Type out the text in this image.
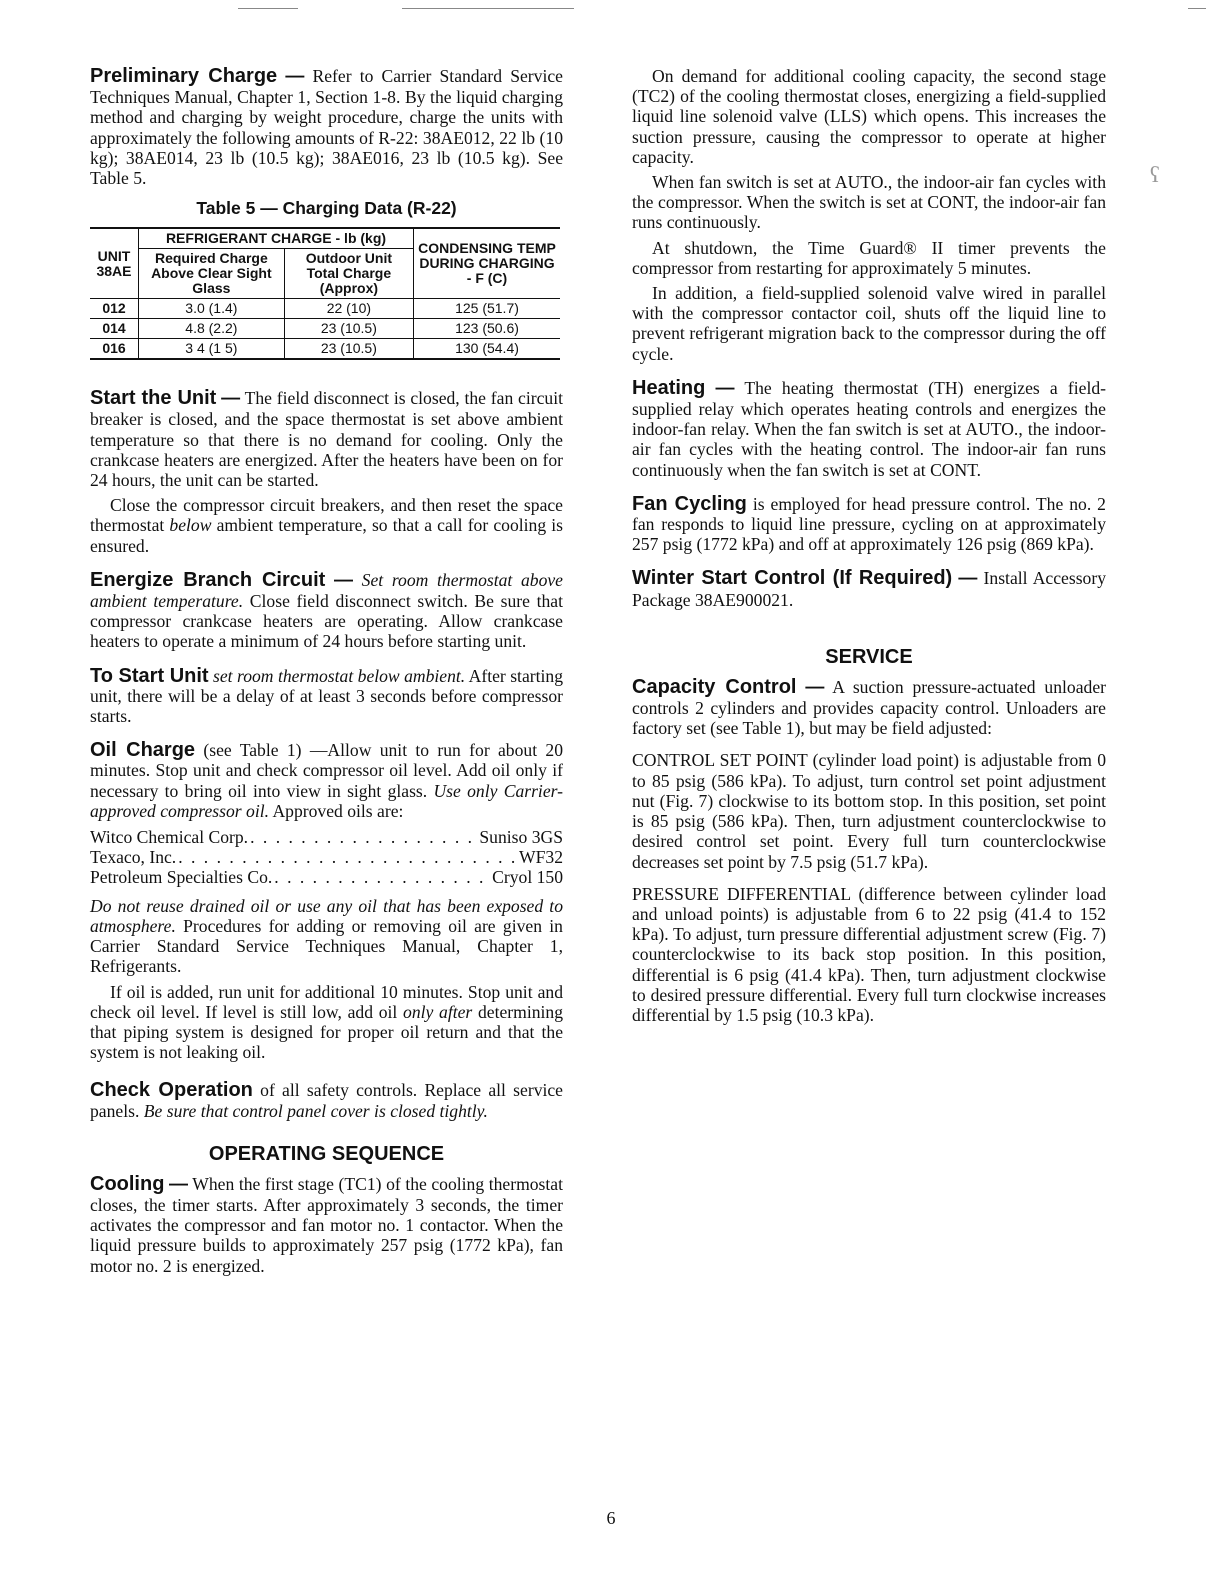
ʕ

Preliminary Charge — Refer to Carrier Standard Service Techniques Manual, Chapter 1, Section 1-8. By the liquid charging method and charging by weight procedure, charge the units with approximately the following amounts of R-22: 38AE012, 22 lb (10 kg); 38AE014, 23 lb (10.5 kg); 38AE016, 23 lb (10.5 kg). See Table 5.

Table 5 — Charging Data (R-22)
UNIT 38AE	REFRIGERANT CHARGE - lb (kg)		CONDENSING TEMP DURING CHARGING - F (C)
	Required Charge Above Clear Sight Glass	Outdoor Unit Total Charge (Approx)	
012	3.0 (1.4)	22 (10)	125 (51.7)
014	4.8 (2.2)	23 (10.5)	123 (50.6)
016	3 4 (1 5)	23 (10.5)	130 (54.4)

Start the Unit — The field disconnect is closed, the fan circuit breaker is closed, and the space thermostat is set above ambient temperature so that there is no demand for cooling. Only the crankcase heaters are energized. After the heaters have been on for 24 hours, the unit can be started.

Close the compressor circuit breakers, and then reset the space thermostat below ambient temperature, so that a call for cooling is ensured.

Energize Branch Circuit — Set room thermostat above ambient temperature. Close field disconnect switch. Be sure that compressor crankcase heaters are operating. Allow crankcase heaters to operate a minimum of 24 hours before starting unit.

To Start Unit set room thermostat below ambient. After starting unit, there will be a delay of at least 3 seconds before compressor starts.

Oil Charge (see Table 1) —Allow unit to run for about 20 minutes. Stop unit and check compressor oil level. Add oil only if necessary to bring oil into view in sight glass. Use only Carrier-approved compressor oil. Approved oils are:

Witco Chemical Corp. . . .	Suniso 3GS
Texaco, Inc. . . .	WF32
Petroleum Specialties Co. . . .	Cryol 150

Do not reuse drained oil or use any oil that has been exposed to atmosphere. Procedures for adding or removing oil are given in Carrier Standard Service Techniques Manual, Chapter 1, Refrigerants.

If oil is added, run unit for additional 10 minutes. Stop unit and check oil level. If level is still low, add oil only after determining that piping system is designed for proper oil return and that the system is not leaking oil.

Check Operation of all safety controls. Replace all service panels. Be sure that control panel cover is closed tightly.

OPERATING SEQUENCE

Cooling — When the first stage (TC1) of the cooling thermostat closes, the timer starts. After approximately 3 seconds, the timer activates the compressor and fan motor no. 1 contactor. When the liquid pressure builds to approximately 257 psig (1772 kPa), fan motor no. 2 is energized.

On demand for additional cooling capacity, the second stage (TC2) of the cooling thermostat closes, energizing a field-supplied liquid line solenoid valve (LLS) which opens. This increases the suction pressure, causing the compressor to operate at higher capacity.

When fan switch is set at AUTO., the indoor-air fan cycles with the compressor. When the switch is set at CONT, the indoor-air fan runs continuously.

At shutdown, the Time Guard® II timer prevents the compressor from restarting for approximately 5 minutes.

In addition, a field-supplied solenoid valve wired in parallel with the compressor contactor coil, shuts off the liquid line to prevent refrigerant migration back to the compressor during the off cycle.

Heating — The heating thermostat (TH) energizes a field-supplied relay which operates heating controls and energizes the indoor-fan relay. When the fan switch is set at AUTO., the indoor-air fan cycles with the heating control. The indoor-air fan runs continuously when the fan switch is set at CONT.

Fan Cycling is employed for head pressure control. The no. 2 fan responds to liquid line pressure, cycling on at approximately 257 psig (1772 kPa) and off at approximately 126 psig (869 kPa).

Winter Start Control (If Required) — Install Accessory Package 38AE900021.

SERVICE

Capacity Control — A suction pressure-actuated unloader controls 2 cylinders and provides capacity control. Unloaders are factory set (see Table 1), but may be field adjusted:

CONTROL SET POINT (cylinder load point) is adjustable from 0 to 85 psig (586 kPa). To adjust, turn control set point adjustment nut (Fig. 7) clockwise to its bottom stop. In this position, set point is 85 psig (586 kPa). Then, turn adjustment counterclockwise to desired control set point. Every full turn counterclockwise decreases set point by 7.5 psig (51.7 kPa).

PRESSURE DIFFERENTIAL (difference between cylinder load and unload points) is adjustable from 6 to 22 psig (41.4 to 152 kPa). To adjust, turn pressure differential adjustment screw (Fig. 7) counterclockwise to its back stop position. In this position, differential is 6 psig (41.4 kPa). Then, turn adjustment clockwise to desired pressure differential. Every full turn clockwise increases differential by 1.5 psig (10.3 kPa).

6
